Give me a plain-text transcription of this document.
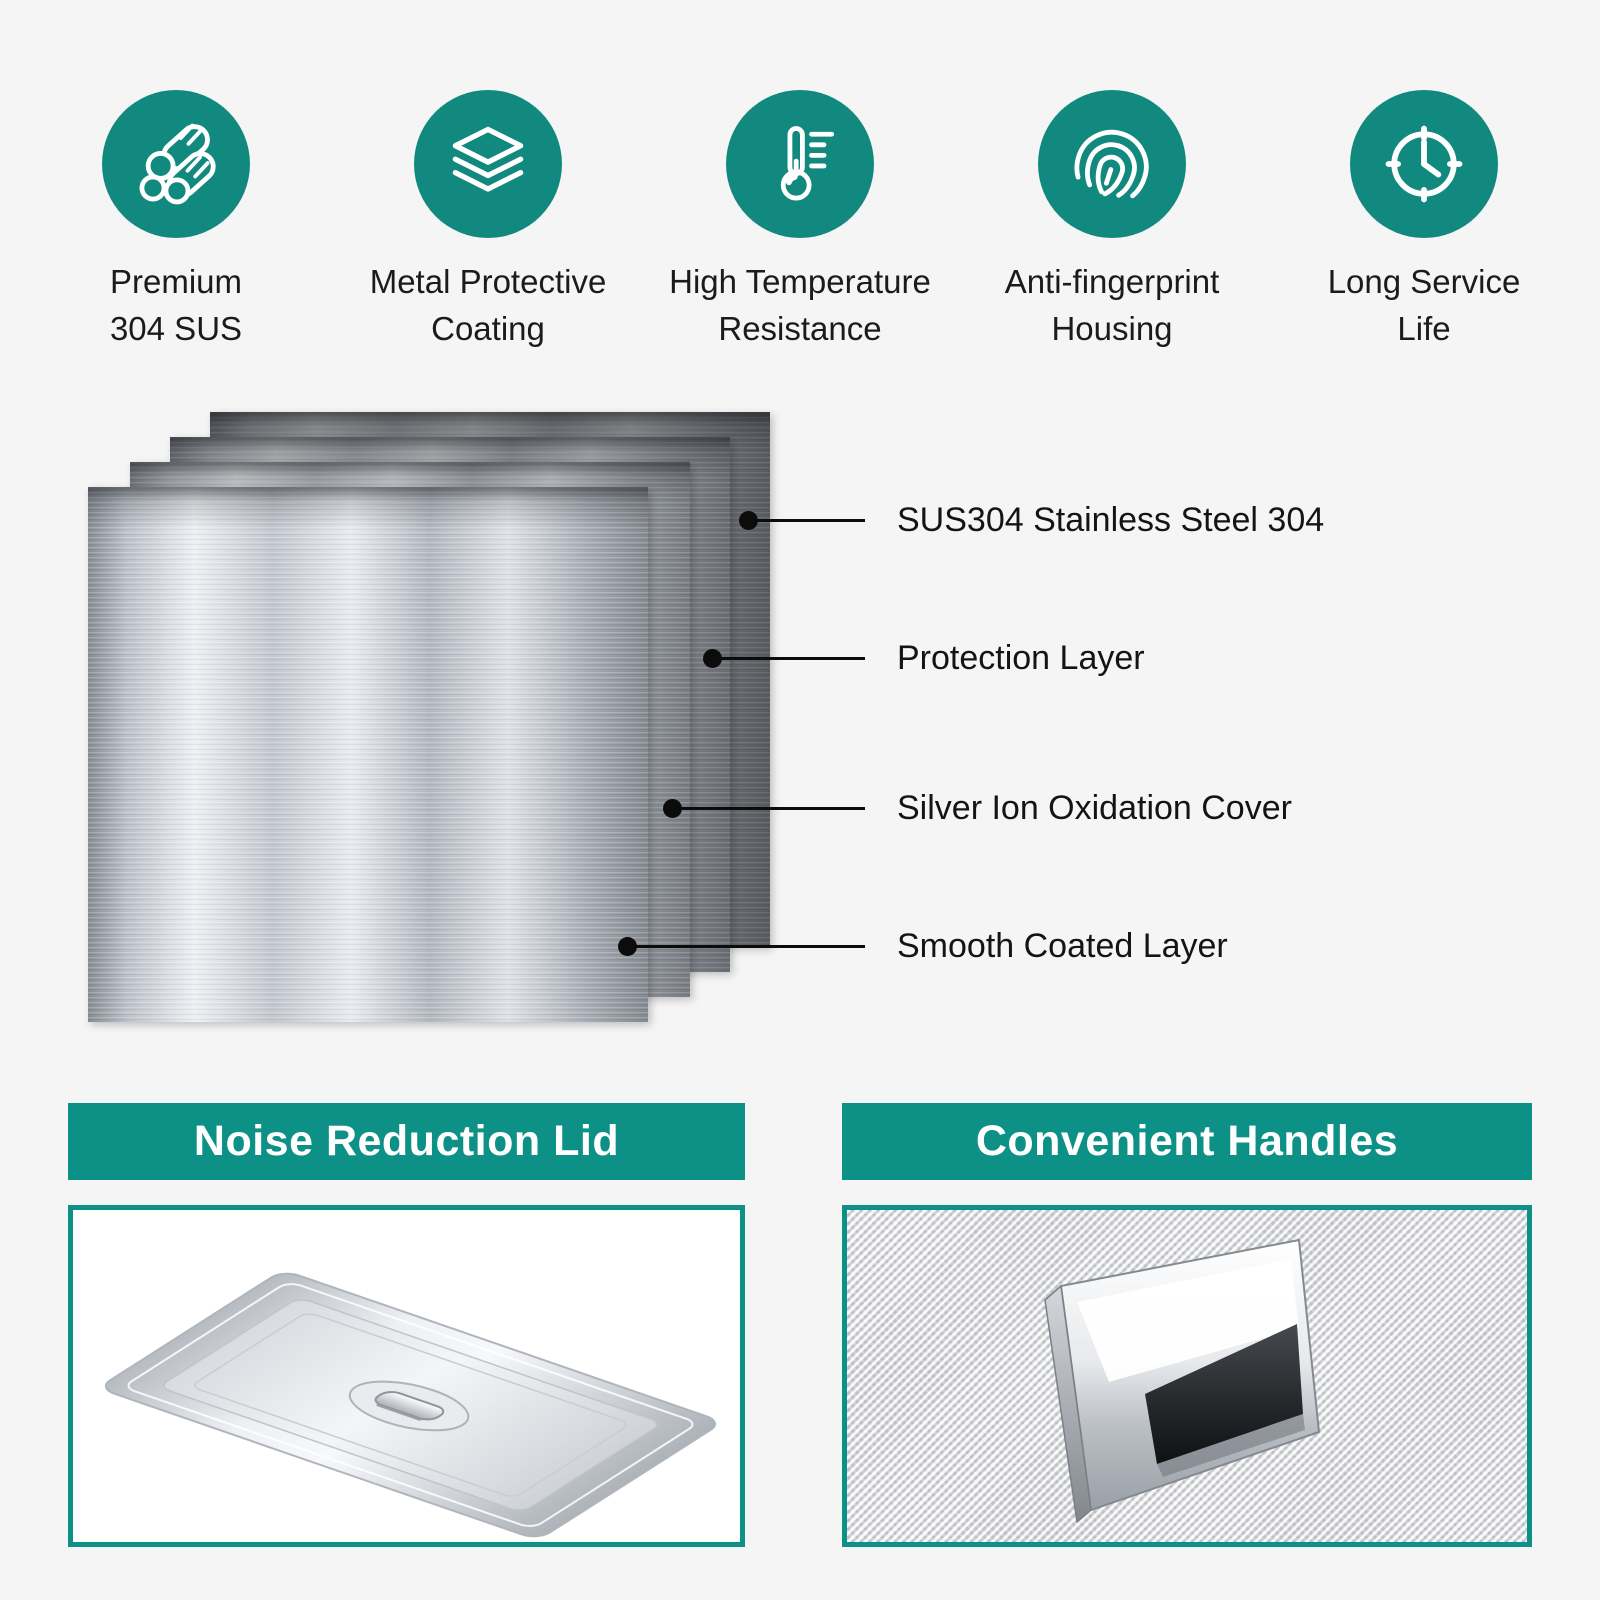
Premium
304 SUS
Metal Protective
Coating
High Temperature
Resistance
Anti-fingerprint
Housing
Long Service
Life
SUS304 Stainless Steel 304
Protection Layer
Silver Ion Oxidation Cover
Smooth Coated Layer
Noise Reduction Lid	Convenient Handles
